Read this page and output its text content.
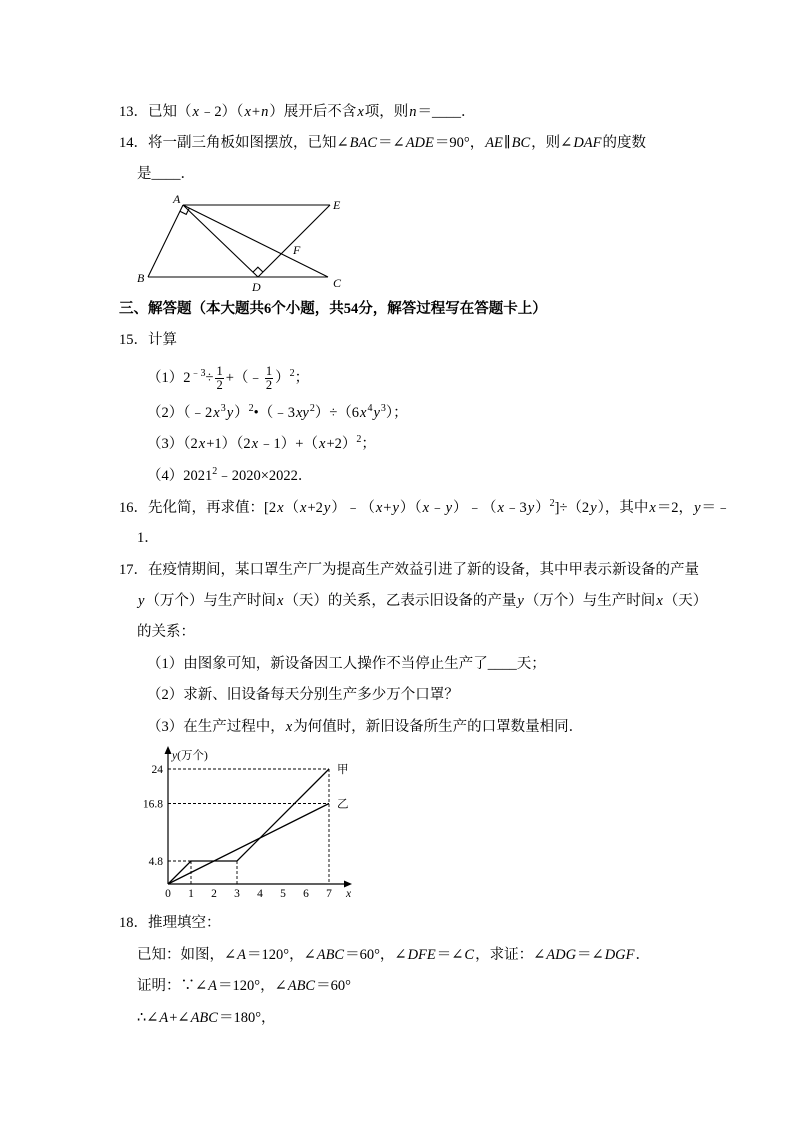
13．已知（x﹣2）（x+n）展开后不含x项，则n＝____．
14．将一副三角板如图摆放，已知∠BAC＝∠ADE＝90°，AE∥BC，则∠DAF的度数
是____．
A	E
B	C
D
F
三、解答题（本大题共6个小题，共54分，解答过程写在答题卡上）
15．计算
$(1)2^{﹣3}\div \frac{1}{2}$ +（﹣ $\frac{1}{2} )^2$；
$(2)(﹣2x^3y)^2•(﹣3xy^2)\div(6x^4y^3)$；
$(3)(2x+1)(2x﹣1)+(x+2)^2$；
$(4)2021^2﹣2020\times 2022$．
16．先化简，再求值：[2x（x+2y）﹣（x+y）（x﹣y）﹣（x﹣3y）$^2$]÷（2y），其中x＝2，y＝﹣
1．
17．在疫情期间，某口罩生产厂为提高生产效益引进了新的设备，其中甲表示新设备的产量
y（万个）与生产时间x（天）的关系，乙表示旧设备的产量y（万个）与生产时间x（天）
的关系：
（1）由图象可知，新设备因工人操作不当停止生产了____天；
（2）求新、旧设备每天分别生产多少万个口罩？
（3）在生产过程中，x为何值时，新旧设备所生产的口罩数量相同．
y(万个)
x
甲
乙
0 1 2 3 4 5 6 7
24
16.8
4.8
18．推理填空：
已知：如图，∠A＝120°，∠ABC＝60°，∠DFE＝∠C，求证：∠ADG＝∠DGF．
证明：∵∠A＝120°，∠ABC＝60°
∴∠A+∠ABC＝180°，
